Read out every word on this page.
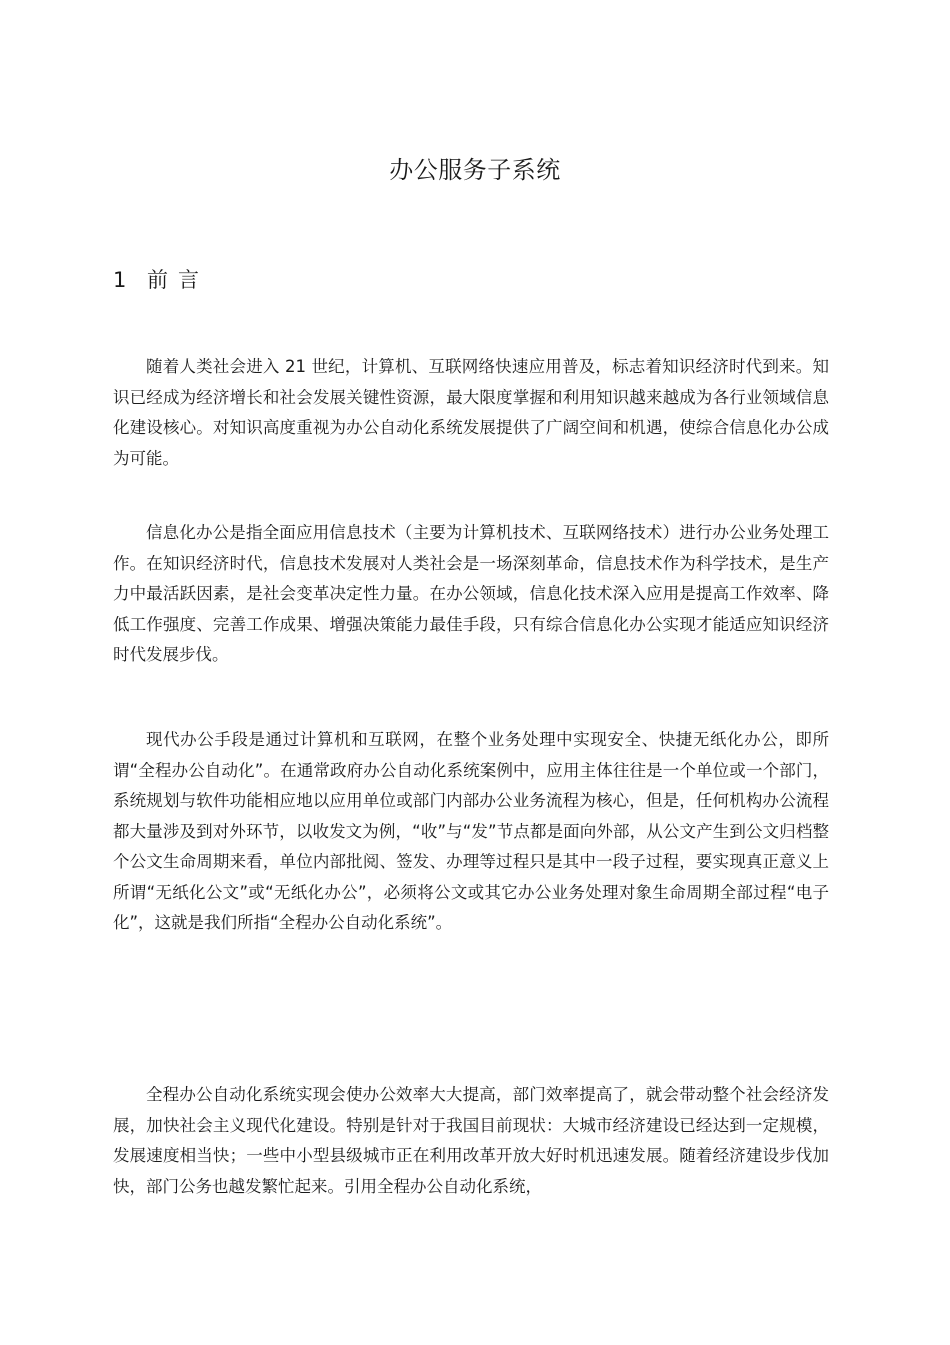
办公服务子系统
1 前言

随着人类社会进入 21 世纪，计算机、互联网络快速应用普及，标志着知识经济时代到来。知识已经成为经济增长和社会发展关键性资源，最大限度掌握和利用知识越来越成为各行业领域信息化建设核心。对知识高度重视为办公自动化系统发展提供了广阔空间和机遇，使综合信息化办公成为可能。

信息化办公是指全面应用信息技术（主要为计算机技术、互联网络技术）进行办公业务处理工作。在知识经济时代，信息技术发展对人类社会是一场深刻革命，信息技术作为科学技术，是生产力中最活跃因素，是社会变革决定性力量。在办公领域，信息化技术深入应用是提高工作效率、降低工作强度、完善工作成果、增强决策能力最佳手段，只有综合信息化办公实现才能适应知识经济时代发展步伐。

现代办公手段是通过计算机和互联网，在整个业务处理中实现安全、快捷无纸化办公，即所谓“全程办公自动化”。在通常政府办公自动化系统案例中，应用主体往往是一个单位或一个部门，系统规划与软件功能相应地以应用单位或部门内部办公业务流程为核心，但是，任何机构办公流程都大量涉及到对外环节，以收发文为例，“收”与“发”节点都是面向外部，从公文产生到公文归档整个公文生命周期来看，单位内部批阅、签发、办理等过程只是其中一段子过程，要实现真正意义上所谓“无纸化公文”或“无纸化办公”，必须将公文或其它办公业务处理对象生命周期全部过程“电子化”，这就是我们所指“全程办公自动化系统”。

全程办公自动化系统实现会使办公效率大大提高，部门效率提高了，就会带动整个社会经济发展，加快社会主义现代化建设。特别是针对于我国目前现状：大城市经济建设已经达到一定规模，发展速度相当快；一些中小型县级城市正在利用改革开放大好时机迅速发展。随着经济建设步伐加快，部门公务也越发繁忙起来。引用全程办公自动化系统，
